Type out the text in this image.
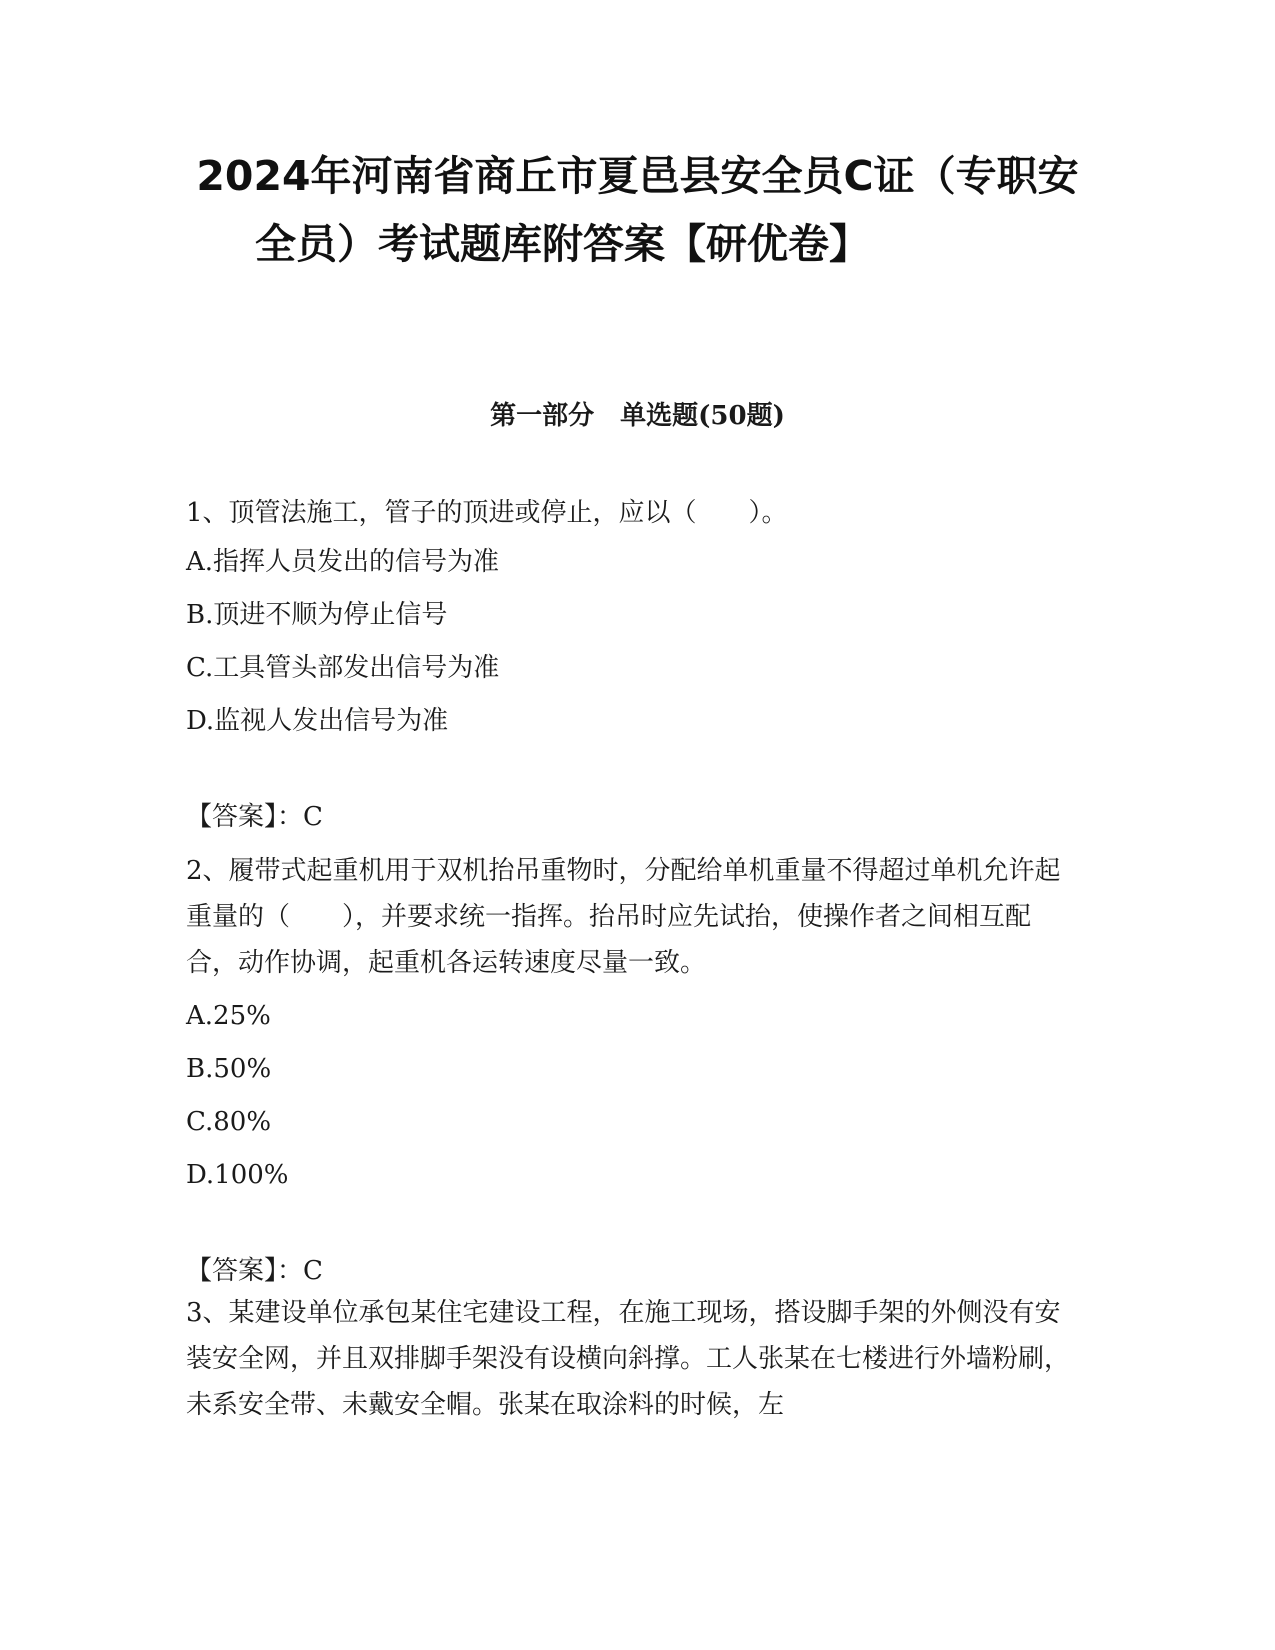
2024年河南省商丘市夏邑县安全员C证（专职安
全员）考试题库附答案【研优卷】
第一部分　单选题(50题)

1、顶管法施工，管子的顶进或停止，应以（　　）。

A.指挥人员发出的信号为准

B.顶进不顺为停止信号

C.工具管头部发出信号为准

D.监视人发出信号为准

【答案】：C

2、履带式起重机用于双机抬吊重物时，分配给单机重量不得超过单机允许起重量的（　　），并要求统一指挥。抬吊时应先试抬，使操作者之间相互配合，动作协调，起重机各运转速度尽量一致。

A.25%

B.50%

C.80%

D.100%

【答案】：C

3、某建设单位承包某住宅建设工程，在施工现场，搭设脚手架的外侧没有安装安全网，并且双排脚手架没有设横向斜撑。工人张某在七楼进行外墙粉刷，未系安全带、未戴安全帽。张某在取涂料的时候，左
